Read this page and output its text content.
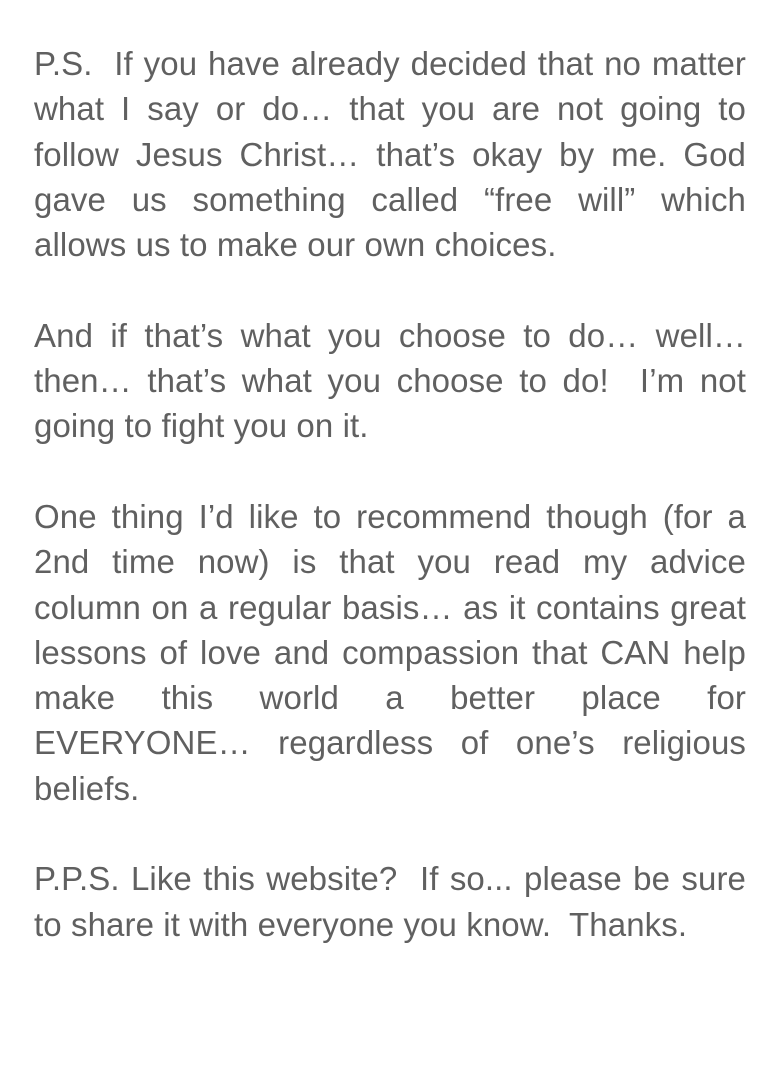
P.S.  If you have already decided that no matter what I say or do… that you are not going to follow Jesus Christ… that’s okay by me. God gave us something called “free will” which allows us to make our own choices.

And if that’s what you choose to do… well… then… that’s what you choose to do!  I’m not going to fight you on it.

One thing I’d like to recommend though (for a 2nd time now) is that you read my advice column on a regular basis… as it contains great lessons of love and compassion that CAN help make this world a better place for EVERYONE… regardless of one’s religious beliefs.

P.P.S. Like this website?  If so... please be sure to share it with everyone you know.  Thanks.
